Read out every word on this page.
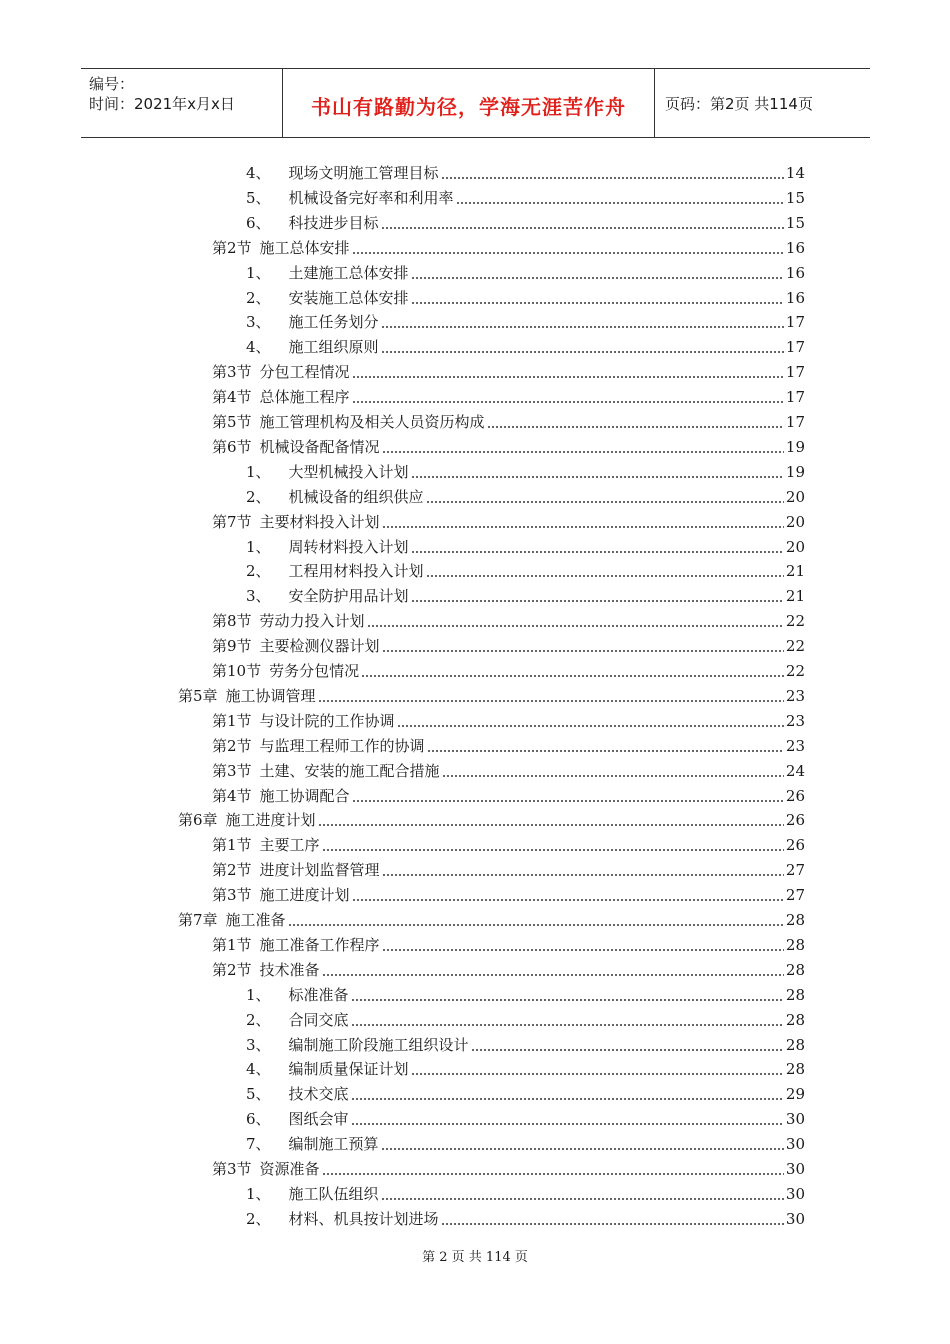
编号：
时间：2021年x月x日	书山有路勤为径，学海无涯苦作舟	页码：第2页 共114页
4、 现场文明施工管理目标	14
5、 机械设备完好率和利用率	15
6、 科技进步目标	15
第2节 施工总体安排	16
1、 土建施工总体安排	16
2、 安装施工总体安排	16
3、 施工任务划分	17
4、 施工组织原则	17
第3节 分包工程情况	17
第4节 总体施工程序	17
第5节 施工管理机构及相关人员资历构成	17
第6节 机械设备配备情况	19
1、 大型机械投入计划	19
2、 机械设备的组织供应	20
第7节 主要材料投入计划	20
1、 周转材料投入计划	20
2、 工程用材料投入计划	21
3、 安全防护用品计划	21
第8节 劳动力投入计划	22
第9节 主要检测仪器计划	22
第10节 劳务分包情况	22
第5章 施工协调管理	23
第1节 与设计院的工作协调	23
第2节 与监理工程师工作的协调	23
第3节 土建、安装的施工配合措施	24
第4节 施工协调配合	26
第6章 施工进度计划	26
第1节 主要工序	26
第2节 进度计划监督管理	27
第3节 施工进度计划	27
第7章 施工准备	28
第1节 施工准备工作程序	28
第2节 技术准备	28
1、 标准准备	28
2、 合同交底	28
3、 编制施工阶段施工组织设计	28
4、 编制质量保证计划	28
5、 技术交底	29
6、 图纸会审	30
7、 编制施工预算	30
第3节 资源准备	30
1、 施工队伍组织	30
2、 材料、机具按计划进场	30
第 2 页 共 114 页
